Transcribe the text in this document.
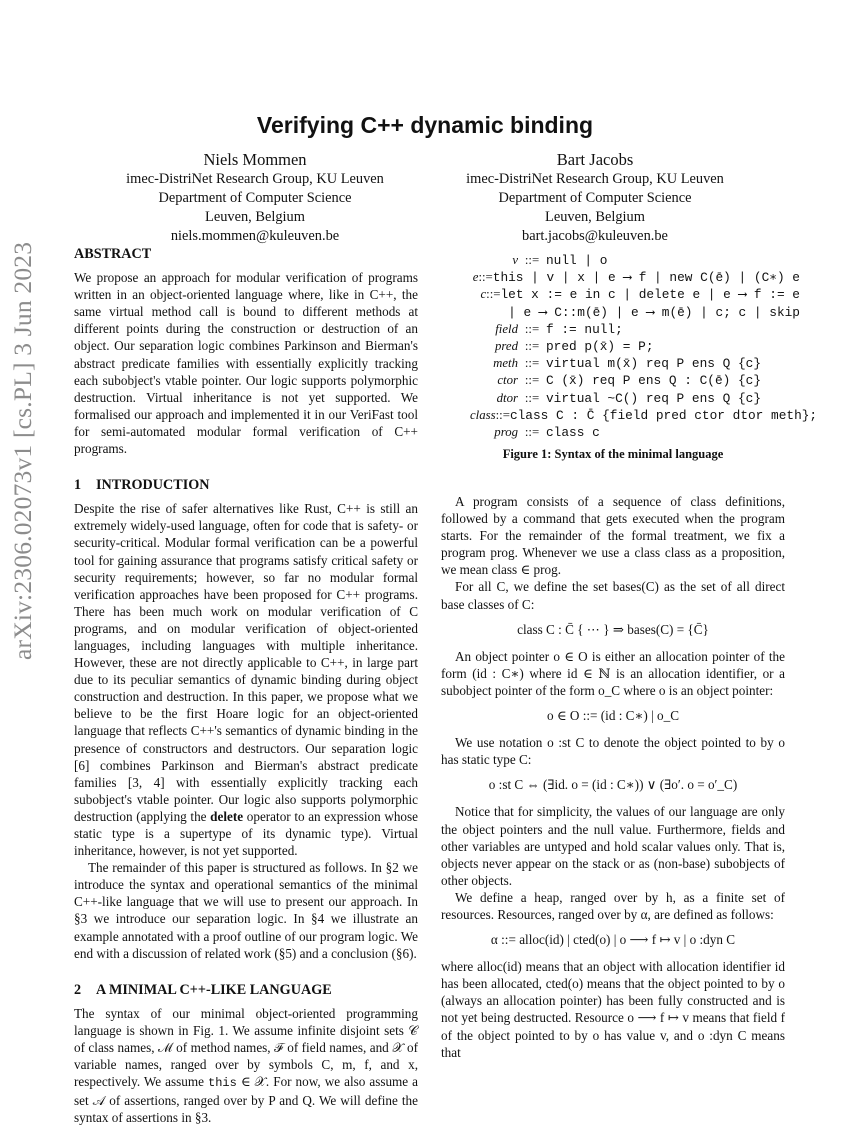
arXiv:2306.02073v1 [cs.PL] 3 Jun 2023
Verifying C++ dynamic binding
Niels Mommen
imec-DistriNet Research Group, KU Leuven
Department of Computer Science
Leuven, Belgium
niels.mommen@kuleuven.be
Bart Jacobs
imec-DistriNet Research Group, KU Leuven
Department of Computer Science
Leuven, Belgium
bart.jacobs@kuleuven.be
ABSTRACT

We propose an approach for modular verification of programs written in an object-oriented language where, like in C++, the same virtual method call is bound to different methods at different points during the construction or destruction of an object. Our separation logic combines Parkinson and Bierman's abstract predicate families with essentially explicitly tracking each subobject's vtable pointer. Our logic supports polymorphic destruction. Virtual inheritance is not yet supported. We formalised our approach and implemented it in our VeriFast tool for semi-automated modular formal verification of C++ programs.

1 INTRODUCTION

Despite the rise of safer alternatives like Rust, C++ is still an extremely widely-used language, often for code that is safety- or security-critical. Modular formal verification can be a powerful tool for gaining assurance that programs satisfy critical safety or security requirements; however, so far no modular formal verification approaches have been proposed for C++ programs. There has been much work on modular verification of C programs, and on modular verification of object-oriented languages, including languages with multiple inheritance. However, these are not directly applicable to C++, in large part due to its peculiar semantics of dynamic binding during object construction and destruction. In this paper, we propose what we believe to be the first Hoare logic for an object-oriented language that reflects C++'s semantics of dynamic binding in the presence of constructors and destructors. Our separation logic [6] combines Parkinson and Bierman's abstract predicate families [3, 4] with essentially explicitly tracking each subobject's vtable pointer. Our logic also supports polymorphic destruction (applying the delete operator to an expression whose static type is a supertype of its dynamic type). Virtual inheritance, however, is not yet supported.

The remainder of this paper is structured as follows. In §2 we introduce the syntax and operational semantics of the minimal C++-like language that we will use to present our approach. In §3 we introduce our separation logic. In §4 we illustrate an example annotated with a proof outline of our program logic. We end with a discussion of related work (§5) and a conclusion (§6).

2 A MINIMAL C++-LIKE LANGUAGE

The syntax of our minimal object-oriented programming language is shown in Fig. 1. We assume infinite disjoint sets 𝒞 of class names, ℳ of method names, ℱ of field names, and 𝒳 of variable names, ranged over by symbols C, m, f, and x, respectively. We assume this ∈ 𝒳. For now, we also assume a set 𝒜 of assertions, ranged over by P and Q. We will define the syntax of assertions in §3.

v ::= null | o
e ::= this | v | x | e ⟶ f | new C(ē) | (C∗) e
c ::= let x := e in c | delete e | e ⟶ f := e
| e ⟶ C::m(ē) | e ⟶ m(ē) | c; c | skip
field ::= f := null;
pred ::= pred p(x̄) = P;
meth ::= virtual m(x̄) req P ens Q {c}
ctor ::= C (x̄) req P ens Q : C(ē) {c}
dtor ::= virtual ~C() req P ens Q {c}
class ::= class C : C̄ {field pred ctor dtor meth};
prog ::= class c
Figure 1: Syntax of the minimal language

A program consists of a sequence of class definitions, followed by a command that gets executed when the program starts. For the remainder of the formal treatment, we fix a program prog. Whenever we use a class class as a proposition, we mean class ∈ prog.

For all C, we define the set bases(C) as the set of all direct base classes of C:

class C : C̄ { ⋯ } ⇒ bases(C) = {C̄}

An object pointer o ∈ O is either an allocation pointer of the form (id : C∗) where id ∈ ℕ is an allocation identifier, or a subobject pointer of the form o_C where o is an object pointer:

o ∈ O ::= (id : C∗) | o_C

We use notation o :st C to denote the object pointed to by o has static type C:

o :st C ⇔ (∃id. o = (id : C∗)) ∨ (∃o′. o = o′_C)

Notice that for simplicity, the values of our language are only the object pointers and the null value. Furthermore, fields and other variables are untyped and hold scalar values only. That is, objects never appear on the stack or as (non-base) subobjects of other objects.

We define a heap, ranged over by h, as a finite set of resources. Resources, ranged over by α, are defined as follows:

α ::= alloc(id) | cted(o) | o ⟶ f ↦ v | o :dyn C

where alloc(id) means that an object with allocation identifier id has been allocated, cted(o) means that the object pointed to by o (always an allocation pointer) has been fully constructed and is not yet being destructed. Resource o ⟶ f ↦ v means that field f of the object pointed to by o has value v, and o :dyn C means that
